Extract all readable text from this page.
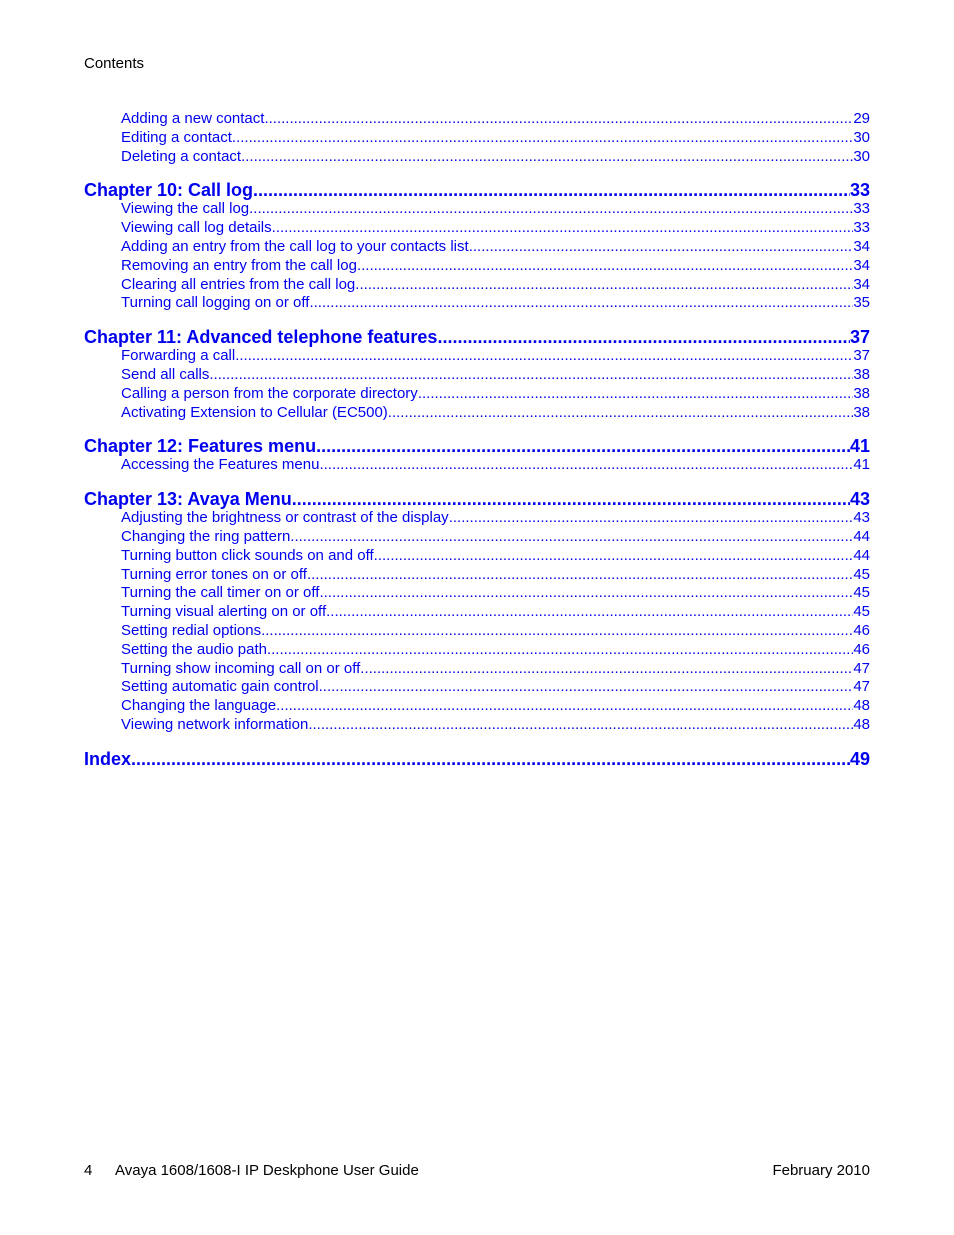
Contents
Adding a new contact .....	29
Editing a contact .....	30
Deleting a contact .....	30
Chapter 10: Call log .....	33
Viewing the call log .....	33
Viewing call log details .....	33
Adding an entry from the call log to your contacts list .....	34
Removing an entry from the call log .....	34
Clearing all entries from the call log .....	34
Turning call logging on or off .....	35
Chapter 11: Advanced telephone features .....	37
Forwarding a call .....	37
Send all calls .....	38
Calling a person from the corporate directory .....	38
Activating Extension to Cellular (EC500) .....	38
Chapter 12: Features menu .....	41
Accessing the Features menu .....	41
Chapter 13: Avaya Menu .....	43
Adjusting the brightness or contrast of the display .....	43
Changing the ring pattern .....	44
Turning button click sounds on and off .....	44
Turning error tones on or off .....	45
Turning the call timer on or off .....	45
Turning visual alerting on or off .....	45
Setting redial options .....	46
Setting the audio path .....	46
Turning show incoming call on or off .....	47
Setting automatic gain control .....	47
Changing the language .....	48
Viewing network information .....	48
Index .....	49
4	Avaya 1608/1608-I IP Deskphone User Guide	February 2010
